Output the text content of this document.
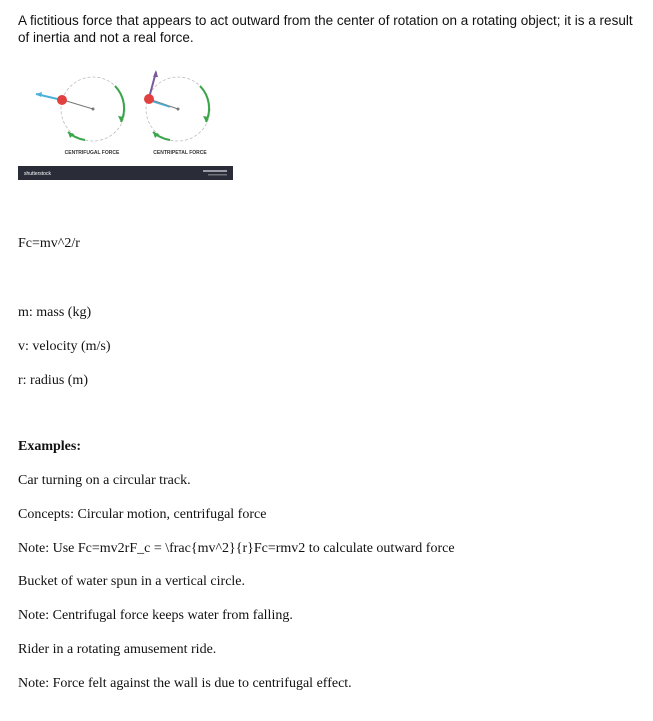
A fictitious force that appears to act outward from the center of rotation on a rotating object; it is a result of inertia and not a real force.
CENTRIFUGAL FORCE	CENTRIPETAL FORCE
shutterstock
Fc=mv^2/r
m: mass (kg)
v: velocity (m/s)
r: radius (m)
Examples:
Car turning on a circular track.
Concepts: Circular motion, centrifugal force
Note: Use Fc=mv2rF_c = \frac{mv^2}{r}Fc=rmv2 to calculate outward force
Bucket of water spun in a vertical circle.
Note: Centrifugal force keeps water from falling.
Rider in a rotating amusement ride.
Note: Force felt against the wall is due to centrifugal effect.
